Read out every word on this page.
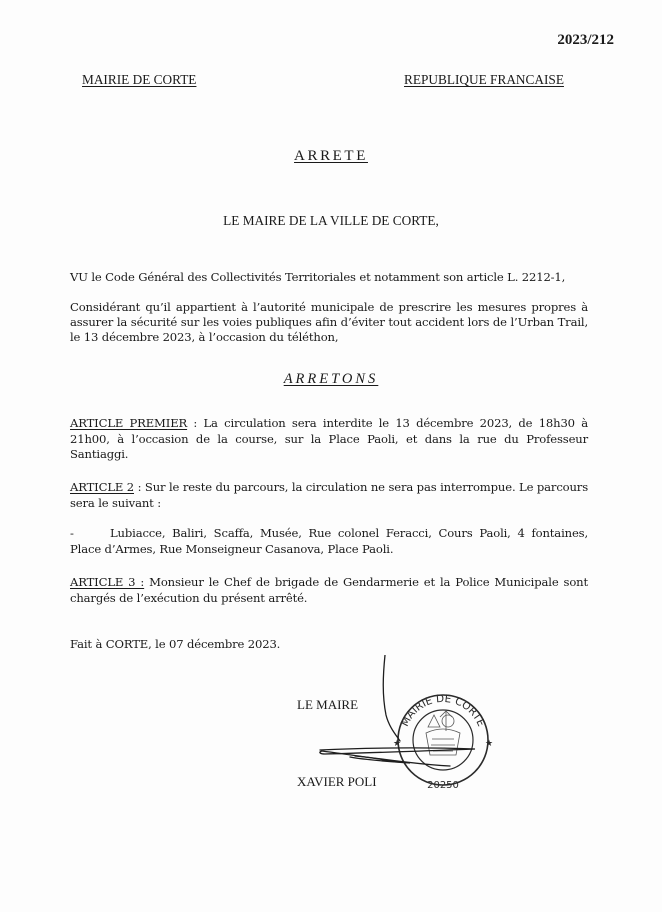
2023/212
MAIRIE DE CORTE	REPUBLIQUE FRANCAISE
ARRETE
LE MAIRE DE LA VILLE DE CORTE,
VU le Code Général des Collectivités Territoriales et notamment son article L. 2212-1,
Considérant qu’il appartient à l’autorité municipale de prescrire les mesures propres à assurer la sécurité sur les voies publiques afin d’éviter tout accident lors de l’Urban Trail, le 13 décembre 2023, à l’occasion du téléthon,
ARRETONS
ARTICLE PREMIER : La circulation sera interdite le 13 décembre 2023, de 18h30 à 21h00, à l’occasion de la course, sur la Place Paoli, et dans la rue du Professeur Santiaggi.
ARTICLE 2 : Sur le reste du parcours, la circulation ne sera pas interrompue. Le parcours sera le suivant :
-	Lubiacce, Baliri, Scaffa, Musée, Rue colonel Feracci, Cours Paoli, 4 fontaines, Place d’Armes, Rue Monseigneur Casanova, Place Paoli.
ARTICLE 3 : Monsieur le Chef de brigade de Gendarmerie et la Police Municipale sont chargés de l’exécution du présent arrêté.
Fait à CORTE, le 07 décembre 2023.
LE MAIRE
XAVIER POLI
MAIRIE DE CORTE
20250
★	★
